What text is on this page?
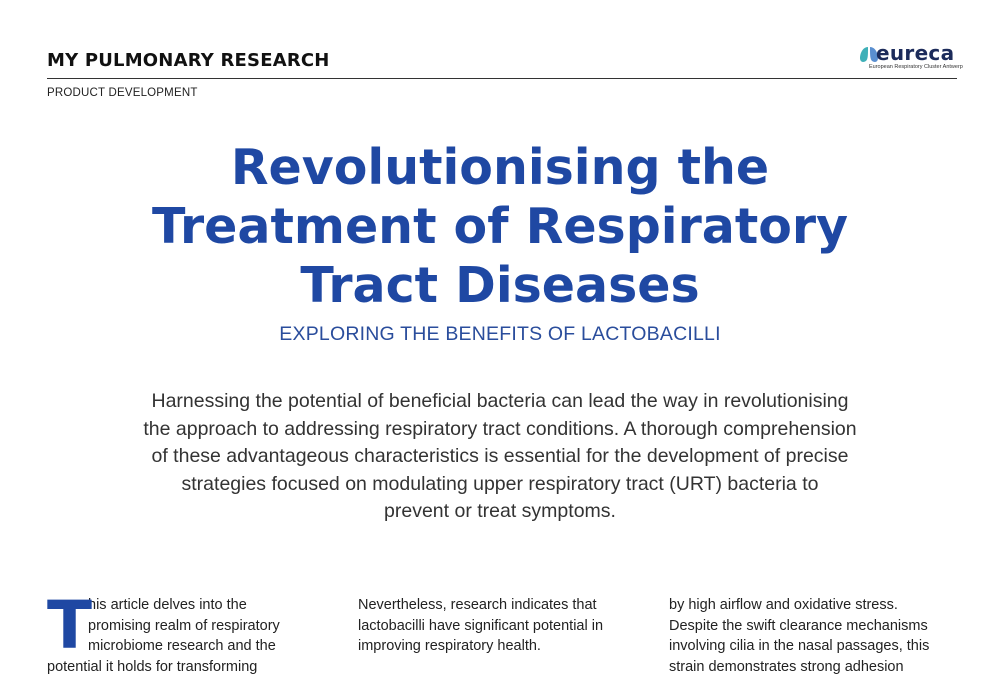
MY PULMONARY RESEARCH	eureca
European Respiratory Cluster Antwerp
PRODUCT DEVELOPMENT
Revolutionising the
Treatment of Respiratory
Tract Diseases
EXPLORING THE BENEFITS OF LACTOBACILLI
Harnessing the potential of beneficial bacteria can lead the way in revolutionising
the approach to addressing respiratory tract conditions. A thorough comprehension
of these advantageous characteristics is essential for the development of precise
strategies focused on modulating upper respiratory tract (URT) bacteria to
prevent or treat symptoms.
T
his article delves into the
promising realm of respiratory
microbiome research and the
potential it holds for transforming
Nevertheless, research indicates that
lactobacilli have significant potential in
improving respiratory health.
by high airflow and oxidative stress.
Despite the swift clearance mechanisms
involving cilia in the nasal passages, this
strain demonstrates strong adhesion
